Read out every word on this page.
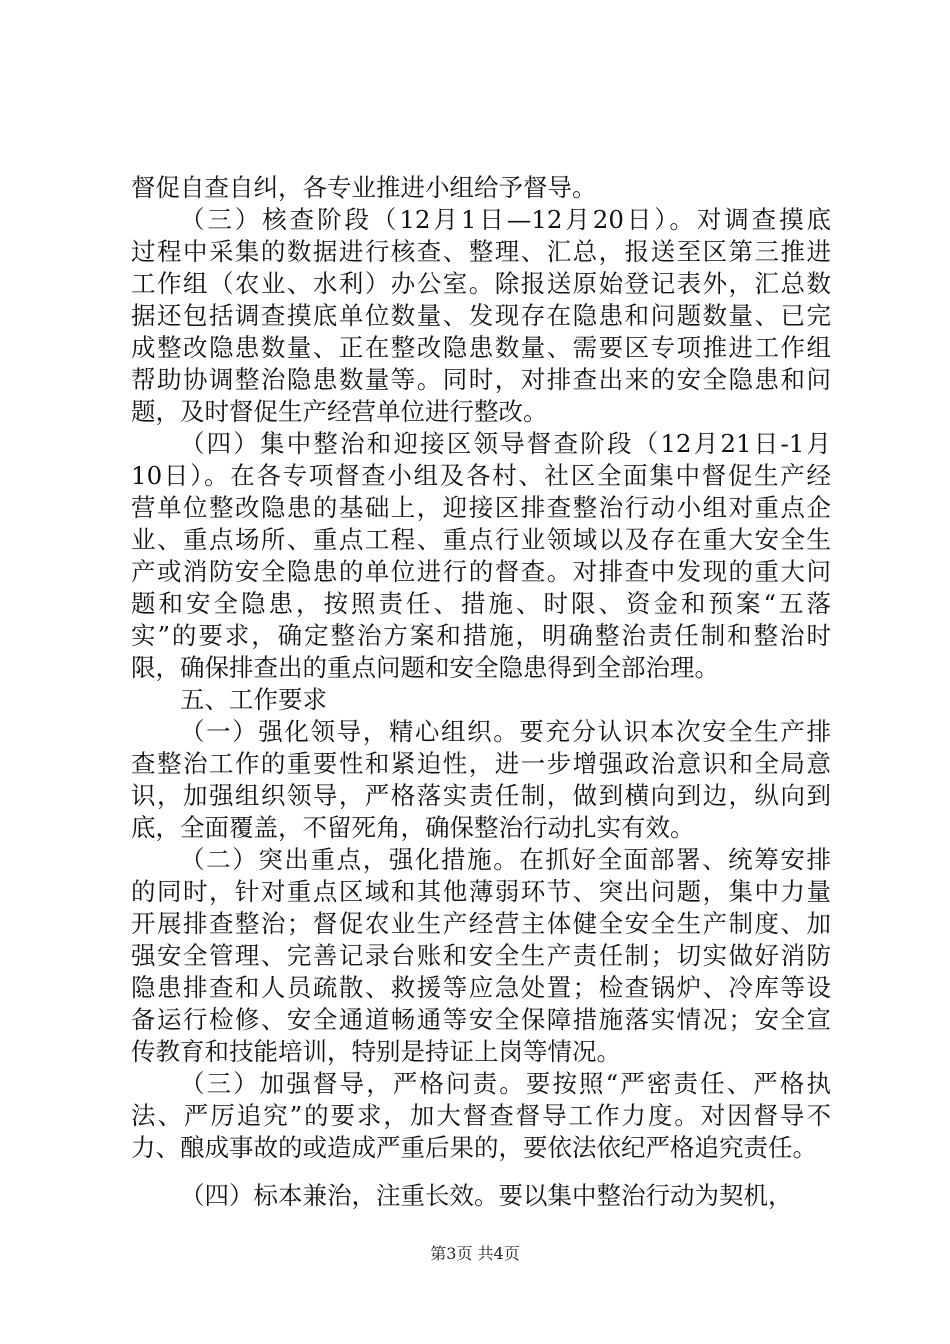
督促自查自纠，各专业推进小组给予督导。
（三）核查阶段（12月1日—12月20日）。对调查摸底
过程中采集的数据进行核查、整理、汇总，报送至区第三推进
工作组（农业、水利）办公室。除报送原始登记表外，汇总数
据还包括调查摸底单位数量、发现存在隐患和问题数量、已完
成整改隐患数量、正在整改隐患数量、需要区专项推进工作组
帮助协调整治隐患数量等。同时，对排查出来的安全隐患和问
题，及时督促生产经营单位进行整改。
（四）集中整治和迎接区领导督查阶段（12月21日-1月
10日）。在各专项督查小组及各村、社区全面集中督促生产经
营单位整改隐患的基础上，迎接区排查整治行动小组对重点企
业、重点场所、重点工程、重点行业领域以及存在重大安全生
产或消防安全隐患的单位进行的督查。对排查中发现的重大问
题和安全隐患，按照责任、措施、时限、资金和预案“五落
实”的要求，确定整治方案和措施，明确整治责任制和整治时
限，确保排查出的重点问题和安全隐患得到全部治理。
五、工作要求
（一）强化领导，精心组织。要充分认识本次安全生产排
查整治工作的重要性和紧迫性，进一步增强政治意识和全局意
识，加强组织领导，严格落实责任制，做到横向到边，纵向到
底，全面覆盖，不留死角，确保整治行动扎实有效。
（二）突出重点，强化措施。在抓好全面部署、统筹安排
的同时，针对重点区域和其他薄弱环节、突出问题，集中力量
开展排查整治；督促农业生产经营主体健全安全生产制度、加
强安全管理、完善记录台账和安全生产责任制；切实做好消防
隐患排查和人员疏散、救援等应急处置；检查锅炉、冷库等设
备运行检修、安全通道畅通等安全保障措施落实情况；安全宣
传教育和技能培训，特别是持证上岗等情况。
（三）加强督导，严格问责。要按照“严密责任、严格执
法、严厉追究”的要求，加大督查督导工作力度。对因督导不
力、酿成事故的或造成严重后果的，要依法依纪严格追究责任。
（四）标本兼治，注重长效。要以集中整治行动为契机，
第3页 共4页
